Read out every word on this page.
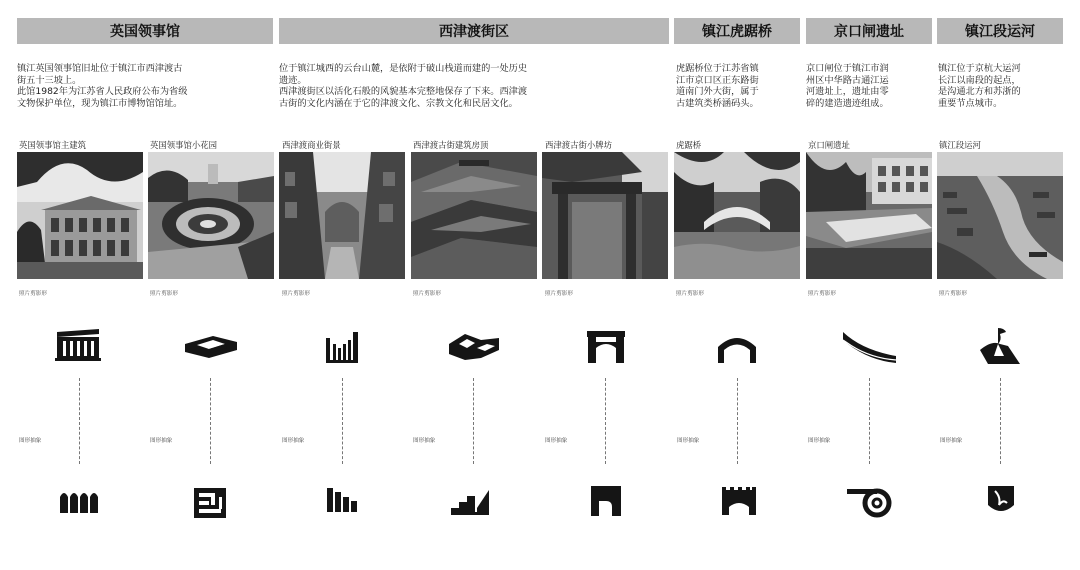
英国领事馆	西津渡街区	镇江虎踞桥	京口闸遗址	镇江段运河
镇江英国领事馆旧址位于镇江市西津渡古
街五十三坡上。
此馆1982年为江苏省人民政府公布为省级
文物保护单位，现为镇江市博物馆馆址。
位于镇江城西的云台山麓，是依附于破山栈道而建的一处历史
遗迹。
西津渡街区以活化石般的风貌基本完整地保存了下来。西津渡
古街的文化内涵在于它的津渡文化、宗教文化和民居文化。
虎踞桥位于江苏省镇
江市京口区正东路街
道南门外大街，属于
古建筑类桥涵码头。
京口闸位于镇江市润
州区中华路古通江运
河遗址上，遗址由零
碎的建造遗迹组成。
镇江位于京杭大运河
长江以南段的起点，
是沟通北方和苏浙的
重要节点城市。
英国领事馆主建筑
照片剪影形
图形抽象
英国领事馆小花园
照片剪影形
图形抽象
西津渡商业街景
照片剪影形
图形抽象
西津渡古街建筑房顶
照片剪影形
图形抽象
西津渡古街小牌坊
照片剪影形
图形抽象
虎踞桥
照片剪影形
图形抽象
京口闸遗址
照片剪影形
图形抽象
镇江段运河
照片剪影形
图形抽象
